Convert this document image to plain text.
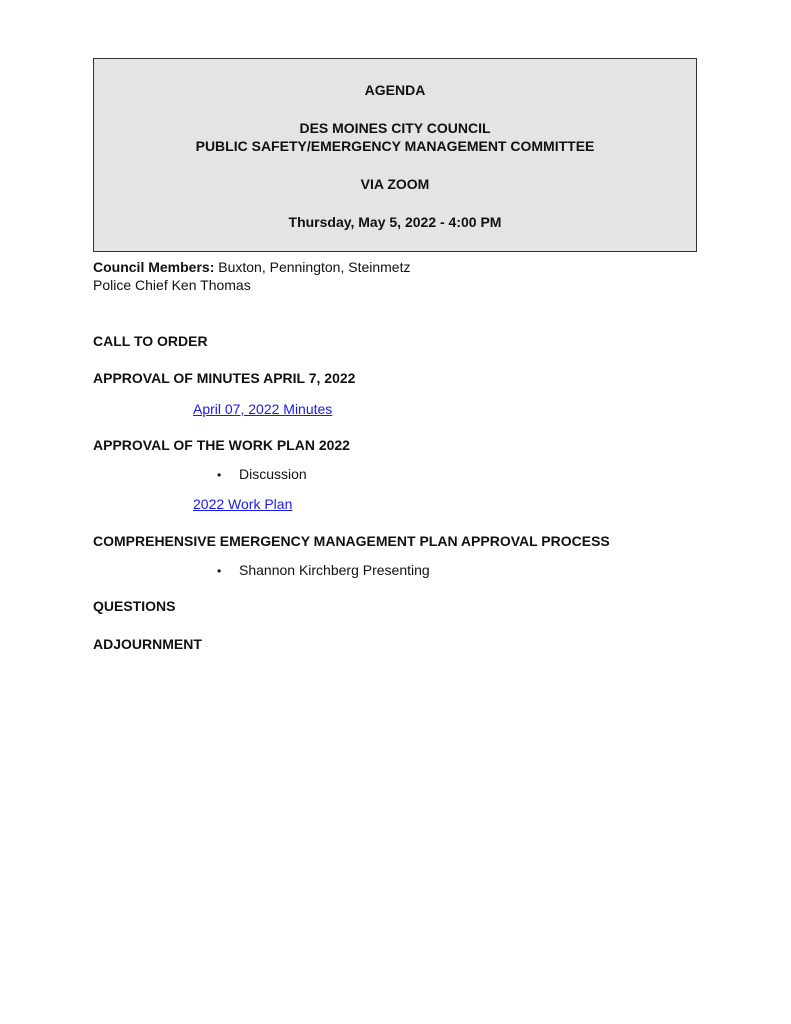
AGENDA
DES MOINES CITY COUNCIL
PUBLIC SAFETY/EMERGENCY MANAGEMENT COMMITTEE
VIA ZOOM
Thursday, May 5, 2022 - 4:00 PM
Council Members: Buxton, Pennington, Steinmetz
Police Chief Ken Thomas
CALL TO ORDER
APPROVAL OF MINUTES APRIL 7, 2022
April 07, 2022 Minutes
APPROVAL OF THE WORK PLAN 2022
• Discussion
2022 Work Plan
COMPREHENSIVE EMERGENCY MANAGEMENT PLAN APPROVAL PROCESS
• Shannon Kirchberg Presenting
QUESTIONS
ADJOURNMENT
